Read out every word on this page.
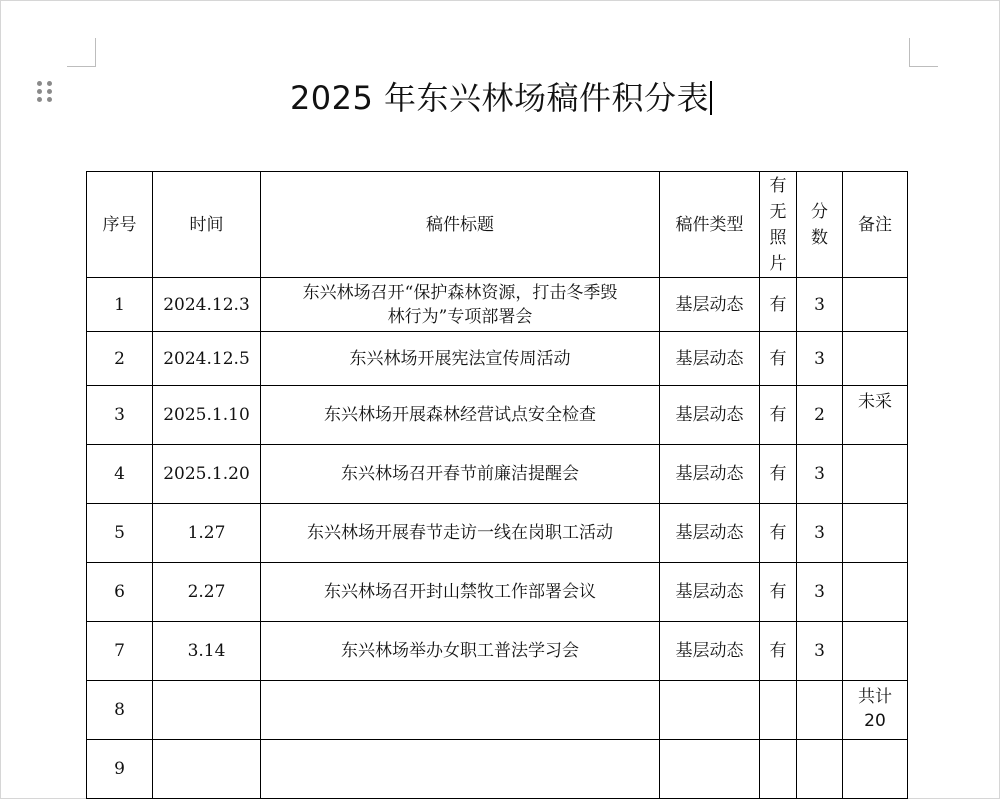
2025 年东兴林场稿件积分表
序号	时间	稿件标题	稿件类型	有
无
照
片	分
数	备注
1	2024.12.3	东兴林场召开“保护森林资源，打击冬季毁
林行为”专项部署会	基层动态	有	3	
2	2024.12.5	东兴林场开展宪法宣传周活动	基层动态	有	3	
3	2025.1.10	东兴林场开展森林经营试点安全检查	基层动态	有	2	未采
4	2025.1.20	东兴林场召开春节前廉洁提醒会	基层动态	有	3	
5	1.27	东兴林场开展春节走访一线在岗职工活动	基层动态	有	3	
6	2.27	东兴林场召开封山禁牧工作部署会议	基层动态	有	3	
7	3.14	东兴林场举办女职工普法学习会	基层动态	有	3	
8						共计
20

9		
